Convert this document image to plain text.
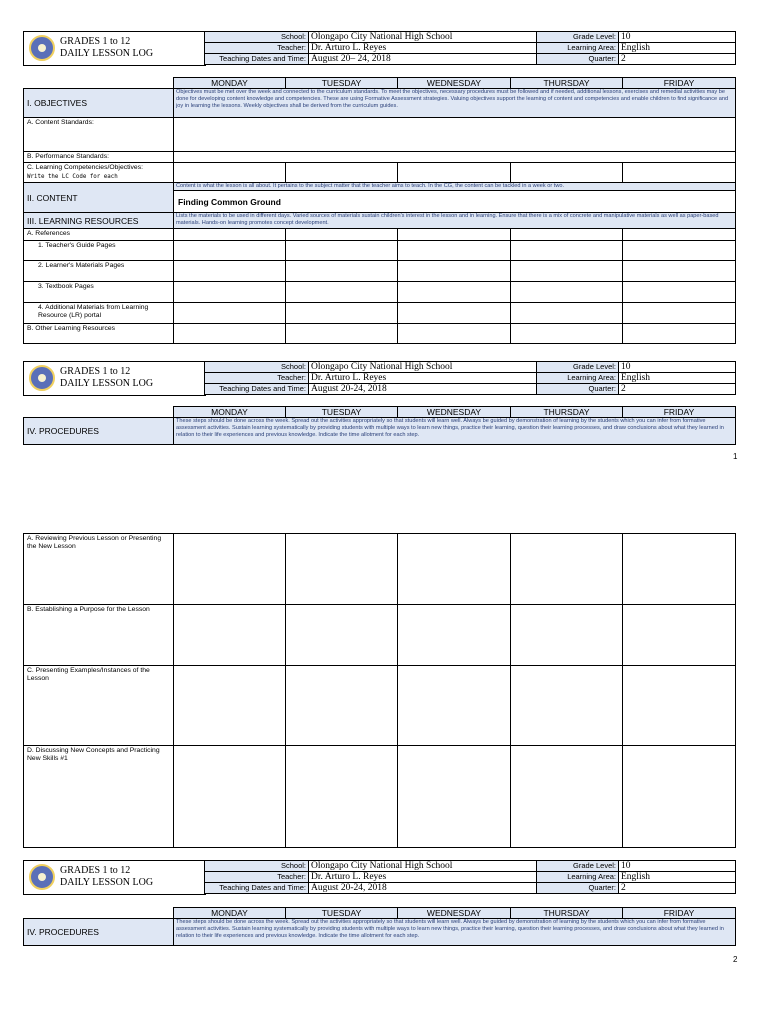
GRADES 1 to 12
DAILY LESSON LOG
School:	Olongapo City National High School	Grade Level:	10
Teacher:	Dr. Arturo L. Reyes	Learning Area:	English
Teaching Dates and Time:	August 20– 24, 2018	Quarter:	2
	MONDAY	TUESDAY	WEDNESDAY	THURSDAY	FRIDAY
I. OBJECTIVES	Objectives must be met over the week and connected to the curriculum standards. To meet the objectives, necessary procedures must be followed and if needed, additional lessons, exercises and remedial activities may be done for developing content knowledge and competencies. These are using Formative Assessment strategies. Valuing objectives support the learning of content and competencies and enable children to find significance and joy in learning the lessons. Weekly objectives shall be derived from the curriculum guides.				
A. Content Standards:					
B. Performance Standards:					
C. Learning Competencies/Objectives:
Write the LC Code for each					
II. CONTENT	Content is what the lesson is all about. It pertains to the subject matter that the teacher aims to teach. In the CG, the content can be tackled in a week or two.				
	Finding Common Ground				
III. LEARNING RESOURCES	Lists the materials to be used in different days. Varied sources of materials sustain children's interest in the lesson and in learning. Ensure that there is a mix of concrete and manipulative materials as well as paper-based materials. Hands-on learning promotes concept development.				
A. References					
1. Teacher's Guide Pages					
2. Learner's Materials Pages					
3. Textbook Pages					
4. Additional Materials from Learning Resource (LR) portal					
B. Other Learning Resources					
GRADES 1 to 12
DAILY LESSON LOG
School:	Olongapo City National High School	Grade Level:	10
Teacher:	Dr. Arturo L. Reyes	Learning Area:	English
Teaching Dates and Time:	August 20-24, 2018	Quarter:	2
	MONDAY	TUESDAY	WEDNESDAY	THURSDAY	FRIDAY
IV. PROCEDURES	These steps should be done across the week. Spread out the activities appropriately so that students will learn well. Always be guided by demonstration of learning by the students which you can infer from formative assessment activities. Sustain learning systematically by providing students with multiple ways to learn new things, practice their learning, question their learning processes, and draw conclusions about what they learned in relation to their life experiences and previous knowledge. Indicate the time allotment for each step.				
1
A. Reviewing Previous Lesson or Presenting the New Lesson					
B. Establishing a Purpose for the Lesson					
C. Presenting Examples/Instances of the Lesson					
D. Discussing New Concepts and Practicing New Skills #1					
GRADES 1 to 12
DAILY LESSON LOG
School:	Olongapo City National High School	Grade Level:	10
Teacher:	Dr. Arturo L. Reyes	Learning Area:	English
Teaching Dates and Time:	August 20-24, 2018	Quarter:	2
	MONDAY	TUESDAY	WEDNESDAY	THURSDAY	FRIDAY
IV. PROCEDURES	These steps should be done across the week. Spread out the activities appropriately so that students will learn well. Always be guided by demonstration of learning by the students which you can infer from formative assessment activities. Sustain learning systematically by providing students with multiple ways to learn new things, practice their learning, question their learning processes, and draw conclusions about what they learned in relation to their life experiences and previous knowledge. Indicate the time allotment for each step.				
2
